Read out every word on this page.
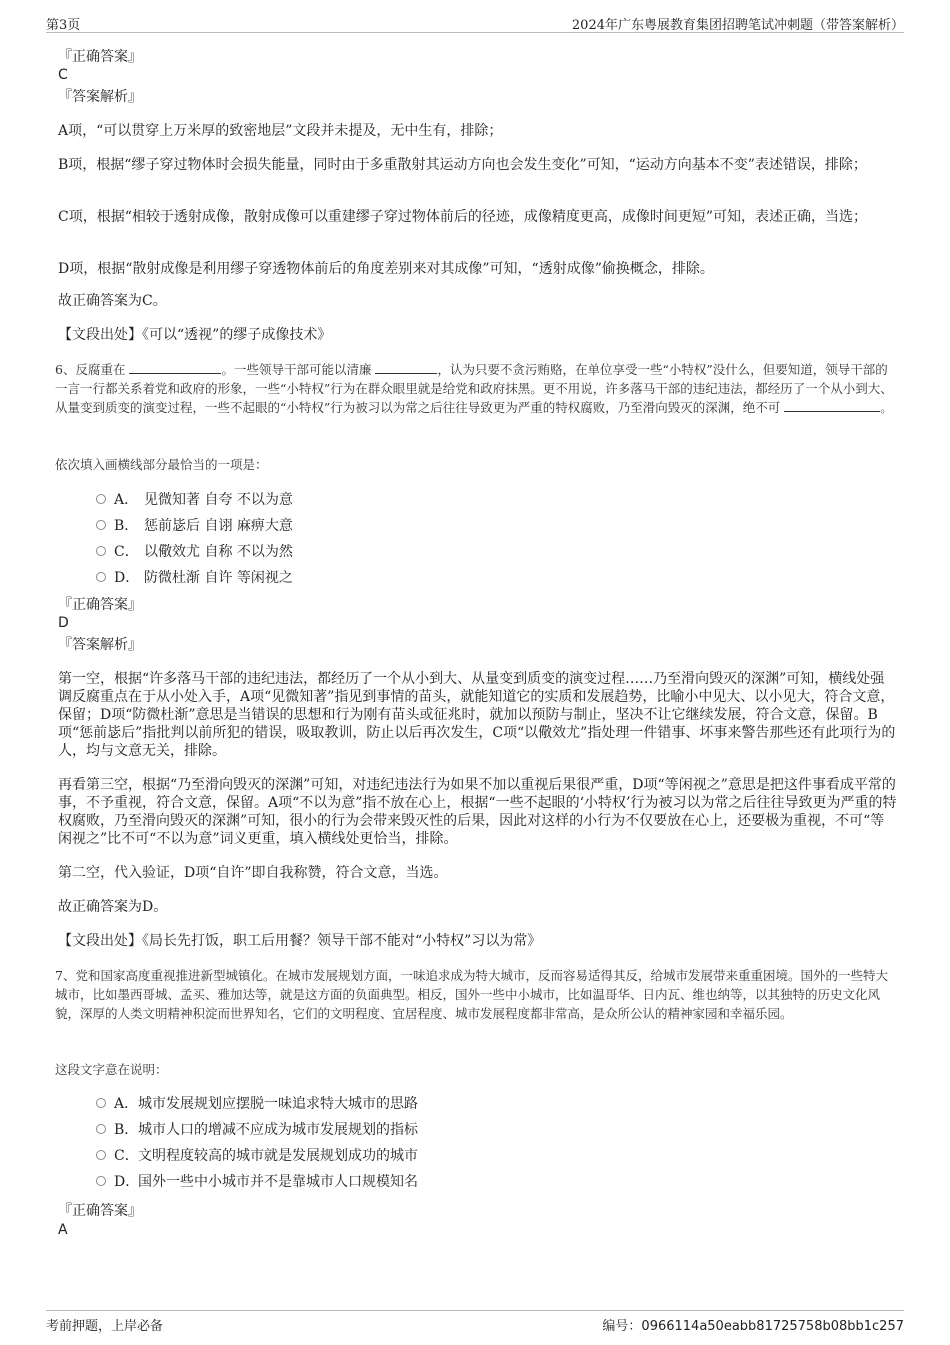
第3页	2024年广东粤展教育集团招聘笔试冲刺题（带答案解析）
『正确答案』
C
『答案解析』
A项，“可以贯穿上万米厚的致密地层”文段并未提及，无中生有，排除；
B项，根据“缪子穿过物体时会损失能量，同时由于多重散射其运动方向也会发生变化”可知，“运动方向基本不变”表述错误，排除；
C项，根据“相较于透射成像，散射成像可以重建缪子穿过物体前后的径迹，成像精度更高，成像时间更短”可知，表述正确，当选；
D项，根据“散射成像是利用缪子穿透物体前后的角度差别来对其成像”可知，“透射成像”偷换概念，排除。
故正确答案为C。
【文段出处】《可以“透视”的缪子成像技术》
6、反腐重在	。一些领导干部可能以清廉	，认为只要不贪污贿赂，在单位享受一些“小特权”没什么，但要知道，领导干部的一言一行都关系着党和政府的形象，一些“小特权”行为在群众眼里就是给党和政府抹黑。更不用说，许多落马干部的违纪违法，都经历了一个从小到大、从量变到质变的演变过程，一些不起眼的“小特权”行为被习以为常之后往往导致更为严重的特权腐败，乃至滑向毁灭的深渊，绝不可	。
依次填入画横线部分最恰当的一项是：
A． 见微知著 自夸 不以为意
B． 惩前毖后 自诩 麻痹大意
C． 以儆效尤 自称 不以为然
D． 防微杜渐 自许 等闲视之
『正确答案』
D
『答案解析』
第一空，根据“许多落马干部的违纪违法，都经历了一个从小到大、从量变到质变的演变过程……乃至滑向毁灭的深渊”可知，横线处强调反腐重点在于从小处入手，A项“见微知著”指见到事情的苗头，就能知道它的实质和发展趋势，比喻小中见大、以小见大，符合文意，保留；D项“防微杜渐”意思是当错误的思想和行为刚有苗头或征兆时，就加以预防与制止，坚决不让它继续发展，符合文意，保留。B项“惩前毖后”指批判以前所犯的错误，吸取教训，防止以后再次发生，C项“以儆效尤”指处理一件错事、坏事来警告那些还有此项行为的人，均与文意无关，排除。
再看第三空，根据“乃至滑向毁灭的深渊”可知，对违纪违法行为如果不加以重视后果很严重，D项“等闲视之”意思是把这件事看成平常的事，不予重视，符合文意，保留。A项“不以为意”指不放在心上，根据“一些不起眼的‘小特权’行为被习以为常之后往往导致更为严重的特权腐败，乃至滑向毁灭的深渊”可知，很小的行为会带来毁灭性的后果，因此对这样的小行为不仅要放在心上，还要极为重视，不可“等闲视之”比不可“不以为意”词义更重，填入横线处更恰当，排除。
第二空，代入验证，D项“自许”即自我称赞，符合文意，当选。
故正确答案为D。
【文段出处】《局长先打饭，职工后用餐？领导干部不能对“小特权”习以为常》
7、党和国家高度重视推进新型城镇化。在城市发展规划方面，一味追求成为特大城市，反而容易适得其反，给城市发展带来重重困境。国外的一些特大城市，比如墨西哥城、孟买、雅加达等，就是这方面的负面典型。相反，国外一些中小城市，比如温哥华、日内瓦、维也纳等，以其独特的历史文化风貌，深厚的人类文明精神积淀而世界知名，它们的文明程度、宜居程度、城市发展程度都非常高，是众所公认的精神家园和幸福乐园。
这段文字意在说明：
A．城市发展规划应摆脱一味追求特大城市的思路
B．城市人口的增减不应成为城市发展规划的指标
C．文明程度较高的城市就是发展规划成功的城市
D．国外一些中小城市并不是靠城市人口规模知名
『正确答案』
A
考前押题，上岸必备	编号：0966114a50eabb81725758b08bb1c257
